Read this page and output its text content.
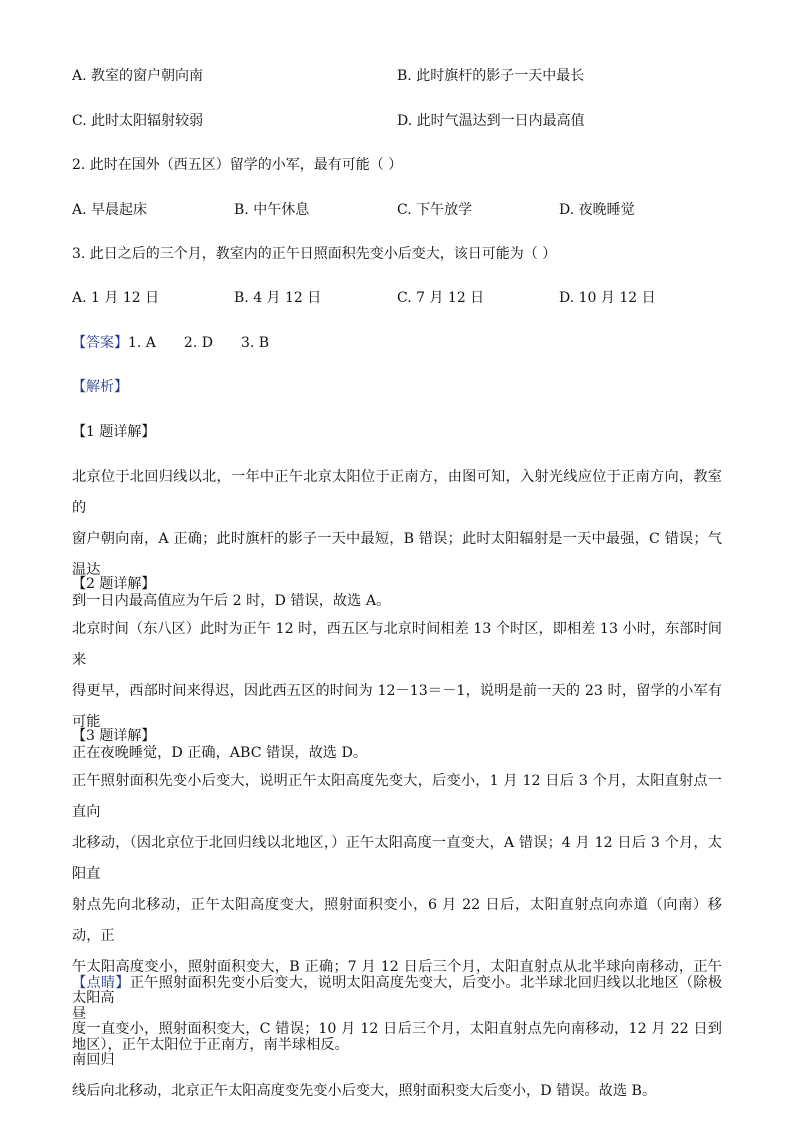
A. 教室的窗户朝向南	B. 此时旗杆的影子一天中最长
C. 此时太阳辐射较弱	D. 此时气温达到一日内最高值
2. 此时在国外（西五区）留学的小军，最有可能（ ）
A. 早晨起床	B. 中午休息	C. 下午放学	D. 夜晚睡觉
3. 此日之后的三个月，教室内的正午日照面积先变小后变大，该日可能为（ ）
A. 1 月 12 日	B. 4 月 12 日	C. 7 月 12 日	D. 10 月 12 日
【答案】1. A 2. D 3. B
【解析】
【1 题详解】

北京位于北回归线以北，一年中正午北京太阳位于正南方，由图可知，入射光线应位于正南方向，教室的

窗户朝向南，A 正确；此时旗杆的影子一天中最短，B 错误；此时太阳辐射是一天中最强，C 错误；气温达

到一日内最高值应为午后 2 时，D 错误，故选 A。

【2 题详解】

北京时间（东八区）此时为正午 12 时，西五区与北京时间相差 13 个时区，即相差 13 小时，东部时间来

得更早，西部时间来得迟，因此西五区的时间为 12－13＝－1，说明是前一天的 23 时，留学的小军有可能

正在夜晚睡觉，D 正确，ABC 错误，故选 D。

【3 题详解】

正午照射面积先变小后变大，说明正午太阳高度先变大，后变小，1 月 12 日后 3 个月，太阳直射点一直向

北移动，（因北京位于北回归线以北地区，）正午太阳高度一直变大，A 错误；4 月 12 日后 3 个月，太阳直

射点先向北移动，正午太阳高度变大，照射面积变小，6 月 22 日后，太阳直射点向赤道（向南）移动，正

午太阳高度变小，照射面积变大，B 正确；7 月 12 日后三个月，太阳直射点从北半球向南移动，正午太阳高

度一直变小，照射面积变大，C 错误；10 月 12 日后三个月，太阳直射点先向南移动，12 月 22 日到南回归

线后向北移动，北京正午太阳高度变先变小后变大，照射面积变大后变小，D 错误。故选 B。

【点睛】正午照射面积先变小后变大，说明太阳高度先变大，后变小。北半球北回归线以北地区（除极昼

地区），正午太阳位于正南方，南半球相反。
